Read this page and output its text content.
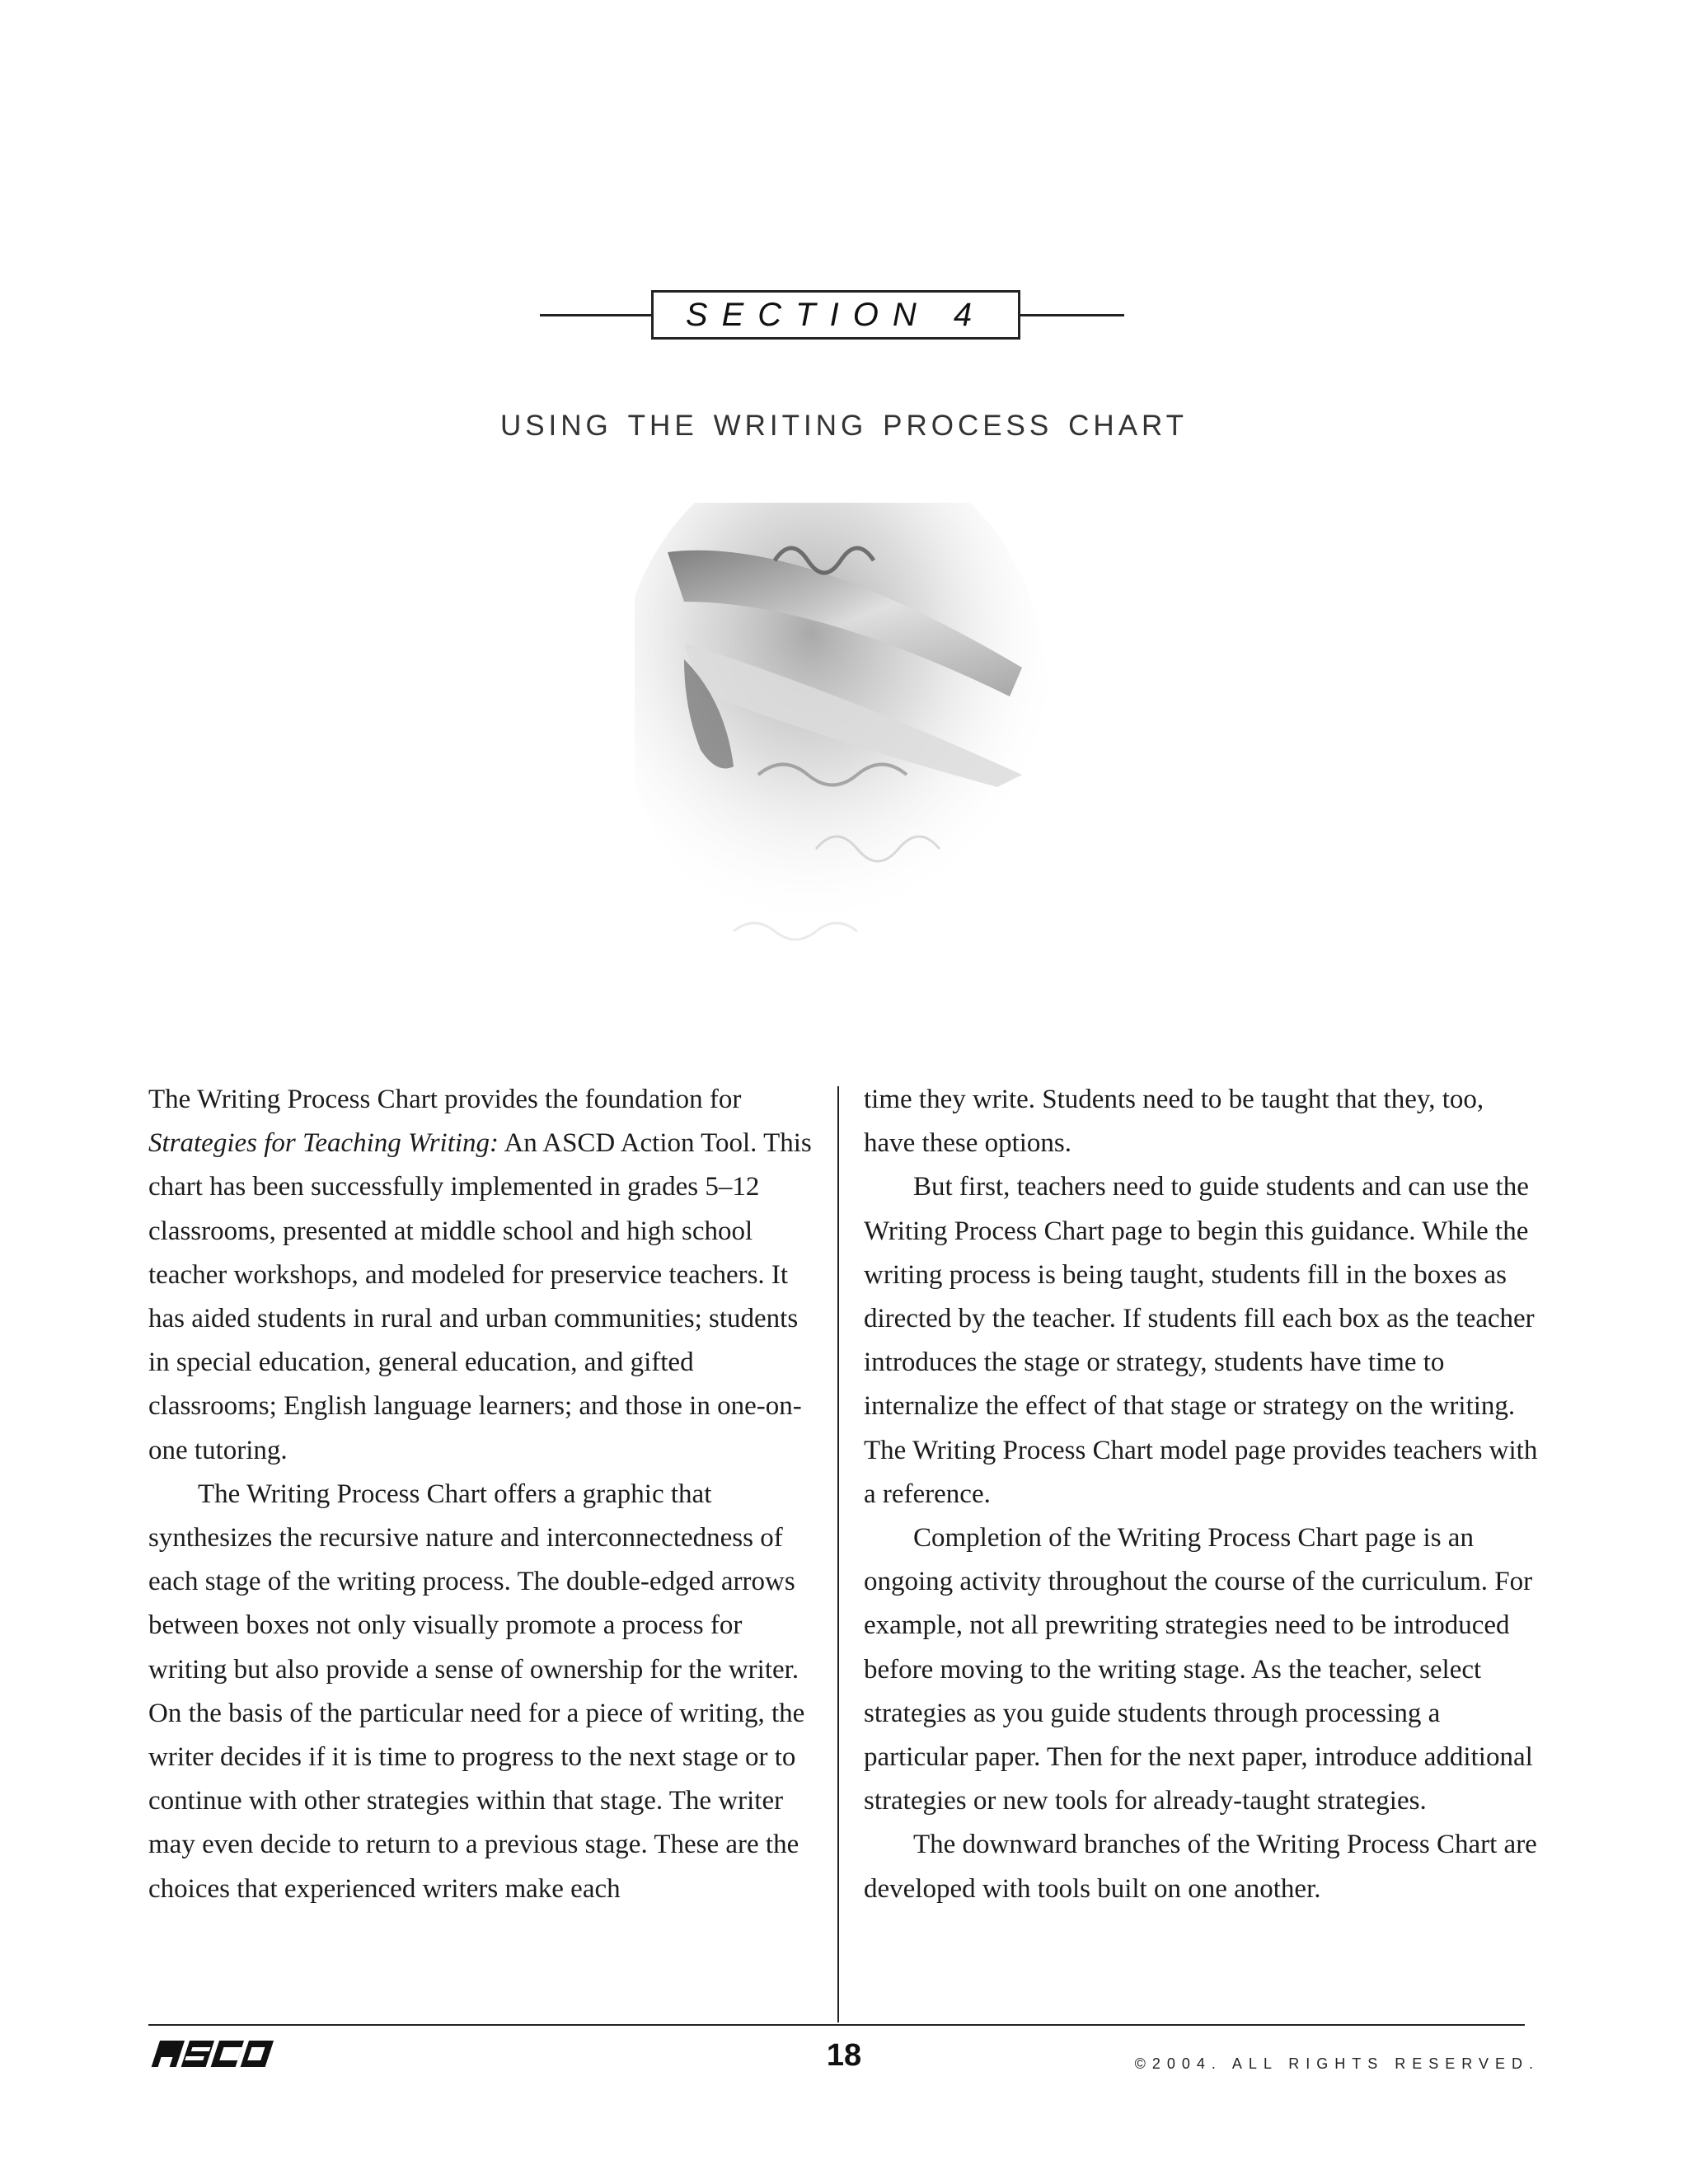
SECTION 4
using the writing process chart

The Writing Process Chart provides the foundation for Strategies for Teaching Writing: An ASCD Action Tool. This chart has been successfully implemented in grades 5–12 classrooms, presented at middle school and high school teacher workshops, and modeled for preservice teachers. It has aided students in rural and urban communities; students in special education, general education, and gifted classrooms; English language learners; and those in one-on-one tutoring.

The Writing Process Chart offers a graphic that synthesizes the recursive nature and interconnectedness of each stage of the writing process. The double-edged arrows between boxes not only visually promote a process for writing but also provide a sense of ownership for the writer. On the basis of the particular need for a piece of writing, the writer decides if it is time to progress to the next stage or to continue with other strategies within that stage. The writer may even decide to return to a previous stage. These are the choices that experienced writers make each

time they write. Students need to be taught that they, too, have these options.

But first, teachers need to guide students and can use the Writing Process Chart page to begin this guidance. While the writing process is being taught, students fill in the boxes as directed by the teacher. If students fill each box as the teacher introduces the stage or strategy, students have time to internalize the effect of that stage or strategy on the writing. The Writing Process Chart model page provides teachers with a reference.

Completion of the Writing Process Chart page is an ongoing activity throughout the course of the curriculum. For example, not all prewriting strategies need to be introduced before moving to the writing stage. As the teacher, select strategies as you guide students through processing a particular paper. Then for the next paper, introduce additional strategies or new tools for already-taught strategies.

The downward branches of the Writing Process Chart are developed with tools built on one another.

18	©2004. ALL RIGHTS RESERVED.
